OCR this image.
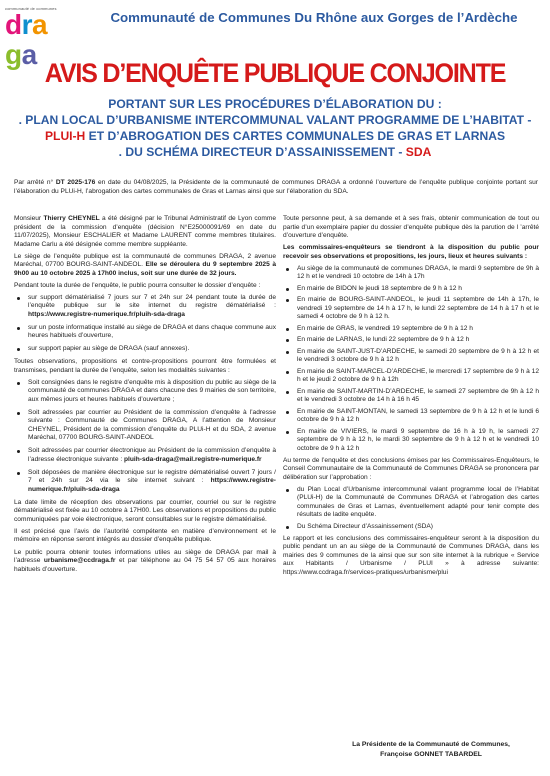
communauté de communes
draga
Communauté de Communes Du Rhône aux Gorges de l’Ardèche
AVIS D’ENQUÊTE PUBLIQUE CONJOINTE
PORTANT SUR LES PROCÉDURES D’ÉLABORATION DU :
. PLAN LOCAL D’URBANISME INTERCOMMUNAL VALANT PROGRAMME DE L’HABITAT -
PLUI-H ET D’ABROGATION DES CARTES COMMUNALES DE GRAS ET LARNAS
. DU SCHÉMA DIRECTEUR D’ASSAINISSEMENT - SDA
Par arrêté n° DT 2025-176 en date du 04/08/2025, la Présidente de la communauté de communes DRAGA a ordonné l’ouverture de l’enquête publique conjointe portant sur l’élaboration du PLUi-H, l’abrogation des cartes communales de Gras et Larnas ainsi que sur l’élaboration du SDA.

Monsieur Thierry CHEYNEL a été désigné par le Tribunal Administratif de Lyon comme président de la commission d’enquête (décision N°E25000091/69 en date du 11/07/2025), Monsieur ESCHALIER et Madame LAURENT comme membres titulaires. Madame Carlu a été désignée comme membre suppléante.

Le siège de l’enquête publique est la communauté de communes DRAGA, 2 avenue Maréchal, 07700 BOURG-SAINT-ANDEOL. Elle se déroulera du 9 septembre 2025 à 9h00 au 10 octobre 2025 à 17h00 inclus, soit sur une durée de 32 jours.

Pendant toute la durée de l’enquête, le public pourra consulter le dossier d’enquête :

sur support dématérialisé 7 jours sur 7 et 24h sur 24 pendant toute la durée de l’enquête publique sur le site internet du registre dématérialisé : https://www.registre-numerique.fr/pluih-sda-draga
sur un poste informatique installé au siège de DRAGA et dans chaque commune aux heures habituels d’ouverture,
sur support papier au siège de DRAGA (sauf annexes).

Toutes observations, propositions et contre-propositions pourront être formulées et transmises, pendant la durée de l’enquête, selon les modalités suivantes :

Soit consignées dans le registre d’enquête mis à disposition du public au siège de la communauté de communes DRAGA et dans chacune des 9 mairies de son territoire, aux mêmes jours et heures habituels d’ouverture ;
Soit adressées par courrier au Président de la commission d’enquête à l’adresse suivante : Communauté de Communes DRAGA, A l’attention de Monsieur CHEYNEL, Président de la commission d’enquête du PLUi-H et du SDA, 2 avenue Maréchal, 07700 BOURG-SAINT-ANDEOL
Soit adressées par courrier électronique au Président de la commission d’enquête à l’adresse électronique suivante : pluih-sda-draga@mail.registre-numerique.fr
Soit déposées de manière électronique sur le registre dématérialisé ouvert 7 jours / 7 et 24h sur 24 via le site internet suivant : https://www.registre-numerique.fr/pluih-sda-draga

La date limite de réception des observations par courrier, courriel ou sur le registre dématérialisé est fixée au 10 octobre à 17H00. Les observations et propositions du public communiquées par voie électronique, seront consultables sur le registre dématérialisé.

Il est précisé que l’avis de l’autorité compétente en matière d’environnement et le mémoire en réponse seront intégrés au dossier d’enquête publique.

Le public pourra obtenir toutes informations utiles au siège de DRAGA par mail à l’adresse urbanisme@ccdraga.fr et par téléphone au 04 75 54 57 05 aux horaires habituels d’ouverture.

Toute personne peut, à sa demande et à ses frais, obtenir communication de tout ou partie d’un exemplaire papier du dossier d’enquête publique dès la parution de l ’arrêté d’ouverture d’enquête.

Les commissaires-enquêteurs se tiendront à la disposition du public pour recevoir ses observations et propositions, les jours, lieux et heures suivants :

Au siège de la communauté de communes DRAGA, le mardi 9 septembre de 9h à 12 h et le vendredi 10 octobre de 14h à 17h
En mairie de BIDON le jeudi 18 septembre de 9 h à 12 h
En mairie de BOURG-SAINT-ANDEOL, le jeudi 11 septembre de 14h à 17h, le vendredi 19 septembre de 14 h à 17 h, le lundi 22 septembre de 14 h à 17 h et le samedi 4 octobre de 9 h à 12 h.
En mairie de GRAS, le vendredi 19 septembre de 9 h à 12 h
En mairie de LARNAS, le lundi 22 septembre de 9 h à 12 h
En mairie de SAINT-JUST-D’ARDECHE, le samedi 20 septembre de 9 h à 12 h et le vendredi 3 octobre de 9 h à 12 h
En mairie de SAINT-MARCEL-D’ARDECHE, le mercredi 17 septembre de 9 h à 12 h et le jeudi 2 octobre de 9 h à 12h
En mairie de SAINT-MARTIN-D’ARDECHE, le samedi 27 septembre de 9h à 12 h et le vendredi 3 octobre de 14 h à 16 h 45
En mairie de SAINT-MONTAN, le samedi 13 septembre de 9 h à 12 h et le lundi 6 octobre de 9 h à 12 h
En mairie de VIVIERS, le mardi 9 septembre de 16 h à 19 h, le samedi 27 septembre de 9 h à 12 h, le mardi 30 septembre de 9 h à 12 h et le vendredi 10 octobre de 9 h à 12 h

Au terme de l’enquête et des conclusions émises par les Commissaires-Enquêteurs, le Conseil Communautaire de la Communauté de Communes DRAGA se prononcera par délibération sur l’approbation :

du Plan Local d’Urbanisme intercommunal valant programme local de l’Habitat (PLUi-H) de la Communauté de Communes DRAGA et l’abrogation des cartes communales de Gras et Larnas, éventuellement adapté pour tenir compte des résultats de ladite enquête.
Du Schéma Directeur d’Assainissement (SDA)

Le rapport et les conclusions des commissaires-enquêteur seront à la disposition du public pendant un an au siège de la Communauté de Communes DRAGA, dans les mairies des 9 communes de la ainsi que sur son site internet à la rubrique « Service aux Habitants / Urbanisme / PLUI » à adresse suivante: https://www.ccdraga.fr/services-pratiques/urbanisme/plui

La Présidente de la Communauté de Communes,
Françoise GONNET TABARDEL
